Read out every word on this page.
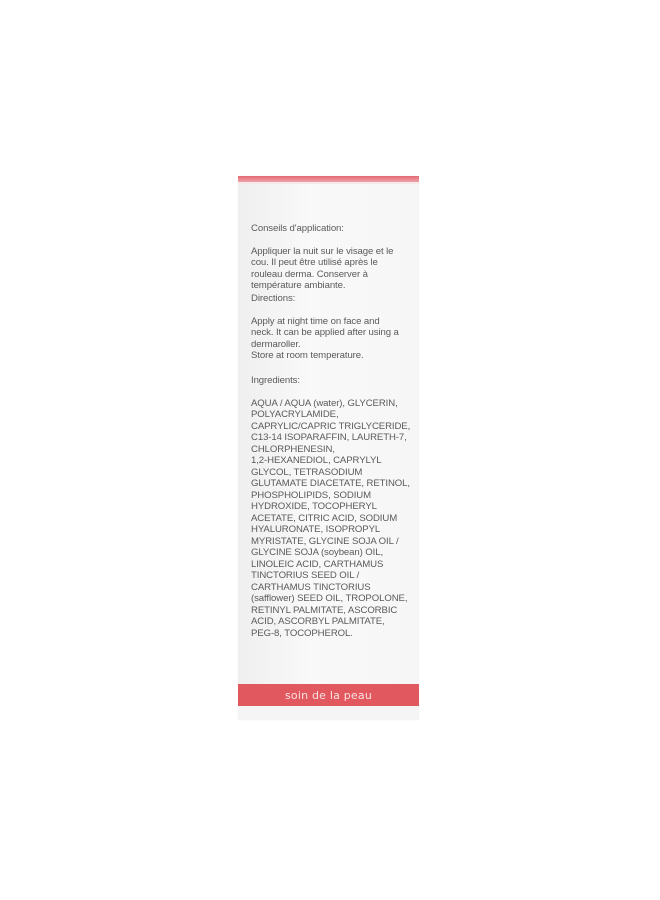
Conseils d'application:

Appliquer la nuit sur le visage et le
cou. Il peut être utilisé après le
rouleau derma. Conserver à
température ambiante.

Directions:

Apply at night time on face and
neck. It can be applied after using a
dermaroller.
Store at room temperature.

Ingredients:

AQUA / AQUA (water), GLYCERIN,
POLYACRYLAMIDE,
CAPRYLIC/CAPRIC TRIGLYCERIDE,
C13-14 ISOPARAFFIN, LAURETH-7,
CHLORPHENESIN,
1,2-HEXANEDIOL, CAPRYLYL
GLYCOL, TETRASODIUM
GLUTAMATE DIACETATE, RETINOL,
PHOSPHOLIPIDS, SODIUM
HYDROXIDE, TOCOPHERYL
ACETATE, CITRIC ACID, SODIUM
HYALURONATE, ISOPROPYL
MYRISTATE, GLYCINE SOJA OIL /
GLYCINE SOJA (soybean) OIL,
LINOLEIC ACID, CARTHAMUS
TINCTORIUS SEED OIL /
CARTHAMUS TINCTORIUS
(safflower) SEED OIL, TROPOLONE,
RETINYL PALMITATE, ASCORBIC
ACID, ASCORBYL PALMITATE,
PEG-8, TOCOPHEROL.

soin de la peau
